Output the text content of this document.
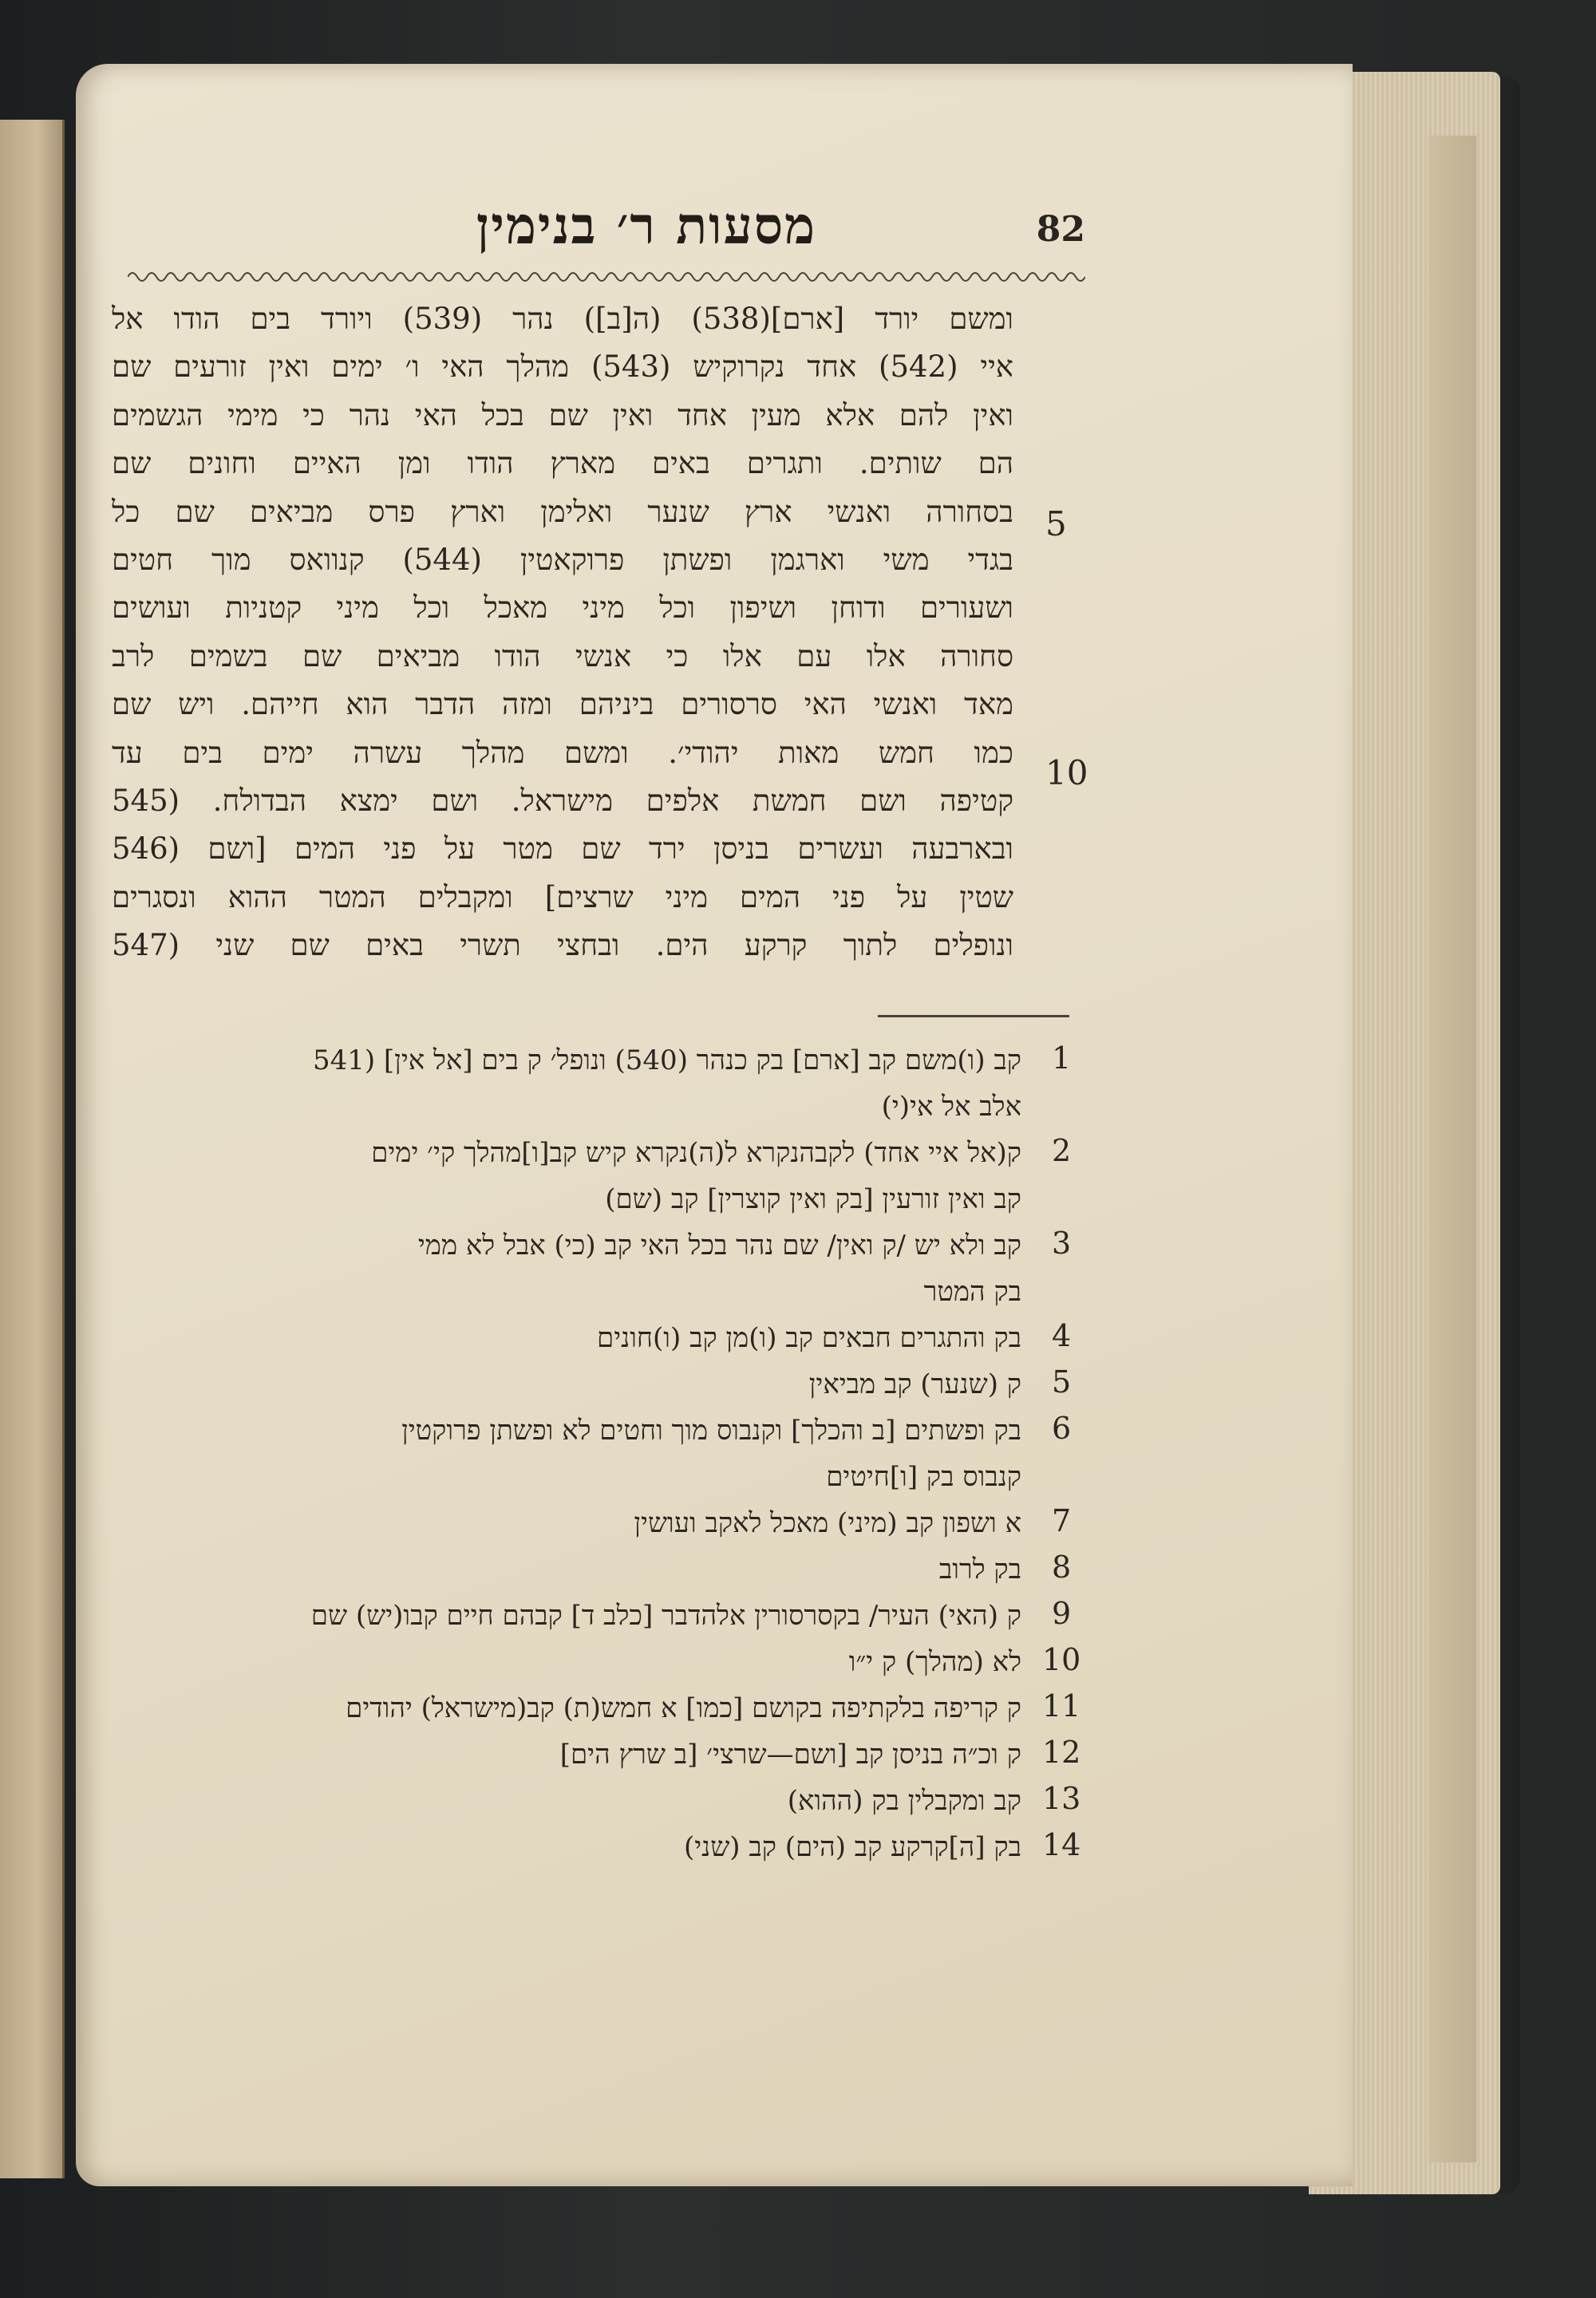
מסעות ר׳ בנימין	82
ומשם יורד [ארם](538) (ה[ב]) נהר (539) ויורד בים הודו אל
איי (542) אחד נקרוקיש (543) מהלך האי ו׳ ימים ואין זורעים שם
ואין להם אלא מעין אחד ואין שם בכל האי נהר כי מימי הגשמים
הם שותים. ותגרים באים מארץ הודו ומן האיים וחונים שם
בסחורה ואנשי ארץ שנער ואלימן וארץ פרס מביאים שם כל
בגדי משי וארגמן ופשתן פרוקאטין (544) קנוואס מוך חטים
ושעורים ודוחן ושיפון וכל מיני מאכל וכל מיני קטניות ועושים
סחורה אלו עם אלו כי אנשי הודו מביאים שם בשמים לרב
מאד ואנשי האי סרסורים ביניהם ומזה הדבר הוא חייהם. ויש שם
כמו חמש מאות יהודי׳. ומשם מהלך עשרה ימים בים עד
קטיפה ושם חמשת אלפים מישראל. ושם ימצא הבדולח. (545
ובארבעה ועשרים בניסן ירד שם מטר על פני המים [ושם (546
שטין על פני המים מיני שרצים] ומקבלים המטר ההוא ונסגרים
ונופלים לתוך קרקע הים. ובחצי תשרי באים שם שני (547
5
10
קב (ו)משם קב [ארם] בק כנהר (540) ונופל׳ ק בים [אל אין] (541
אלב אל אי(י)
ק(אל איי אחד) לקבהנקרא ל(ה)נקרא קיש קב[ו]מהלך קי׳ ימים
קב ואין זורעין [בק ואין קוצרין] קב (שם)
קב ולא יש /ק ואין/ שם נהר בכל האי קב (כי) אבל לא ממי
בק המטר
בק והתגרים חבאים קב (ו)מן קב (ו)חונים
ק (שנער) קב מביאין
בק ופשתים [ב והכלך] וקנבוס מוך וחטים לא ופשתן פרוקטין
קנבוס בק [ו]חיטים
א ושפון קב (מיני) מאכל לאקב ועושין
בק לרוב
ק (האי) העיר/ בקסרסורין אלהדבר [כלב ד] קבהם חיים קבו(יש) שם
לא (מהלך) ק י״ו
ק קריפה בלקתיפה בקושם [כמו] א חמש(ת) קב(מישראל) יהודים
ק וכ״ה בניסן קב [ושם—שרצי׳ [ב שרץ הים]
קב ומקבלין בק (ההוא)
בק [ה]קרקע קב (הים) קב (שני)
1
2
3
4
5
6
7
8
9
10
11
12
13
14
